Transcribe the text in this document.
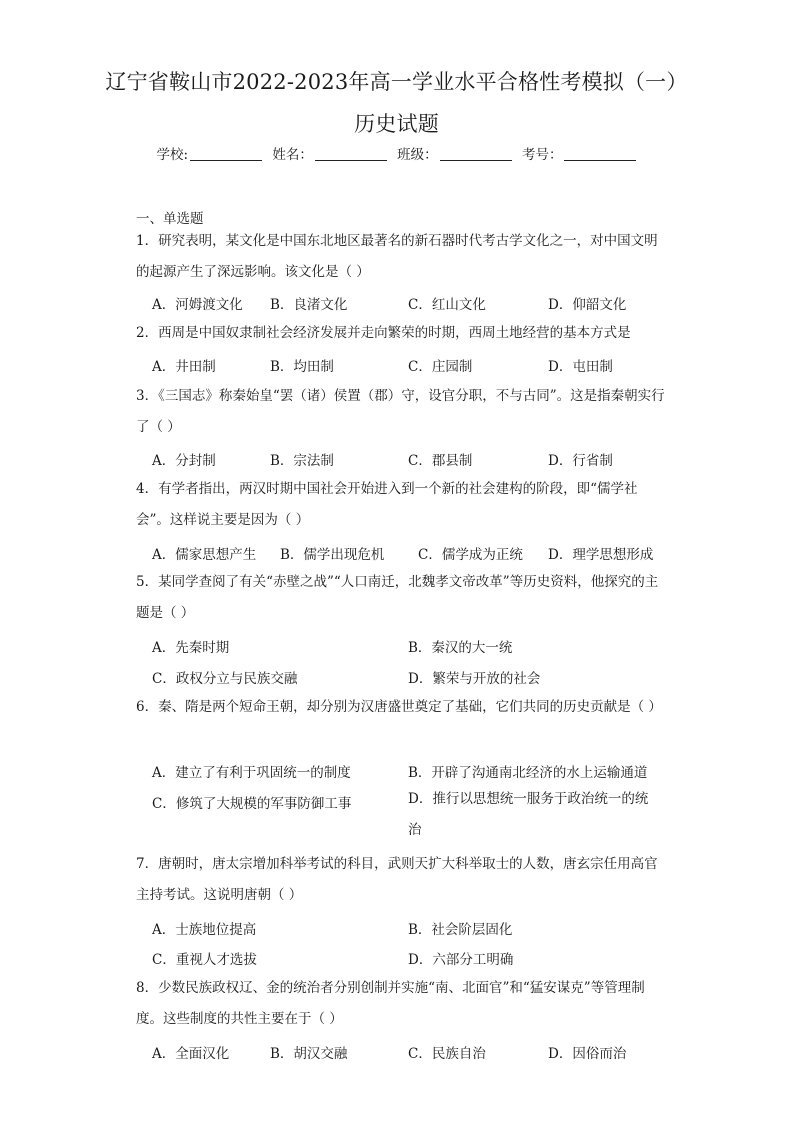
辽宁省鞍山市2022-2023年高一学业水平合格性考模拟（一）
历史试题
学校:	姓名：	班级：	考号：
一、单选题
1．研究表明，某文化是中国东北地区最著名的新石器时代考古学文化之一，对中国文明的起源产生了深远影响。该文化是（ ）
A．河姆渡文化 B．良渚文化	C．红山文化	D．仰韶文化
2．西周是中国奴隶制社会经济发展并走向繁荣的时期，西周土地经营的基本方式是
A．井田制	B．均田制	C．庄园制	D．屯田制
3．《三国志》称秦始皇“罢（诸）侯置（郡）守，设官分职，不与古同”。这是指秦朝实行了（ ）
A．分封制	B．宗法制	C．郡县制	D．行省制
4．有学者指出，两汉时期中国社会开始进入到一个新的社会建构的阶段，即“儒学社会”。这样说主要是因为（ ）
A．儒家思想产生 B．儒学出现危机 C．儒学成为正统 D．理学思想形成
5．某同学查阅了有关“赤壁之战”“人口南迁，北魏孝文帝改革”等历史资料，他探究的主题是（ ）
A．先秦时期	B．秦汉的大一统
C．政权分立与民族交融	D．繁荣与开放的社会
6．秦、隋是两个短命王朝，却分别为汉唐盛世奠定了基础，它们共同的历史贡献是（ ）
A．建立了有利于巩固统一的制度	B．开辟了沟通南北经济的水上运输通道
C．修筑了大规模的军事防御工事	D．推行以思想统一服务于政治统一的统治
7．唐朝时，唐太宗增加科举考试的科目，武则天扩大科举取士的人数，唐玄宗任用高官主持考试。这说明唐朝（ ）
A．士族地位提高	B．社会阶层固化
C．重视人才选拔	D．六部分工明确
8．少数民族政权辽、金的统治者分别创制并实施“南、北面官”和“猛安谋克”等管理制度。这些制度的共性主要在于（ ）
A．全面汉化	B．胡汉交融	C．民族自治	D．因俗而治
